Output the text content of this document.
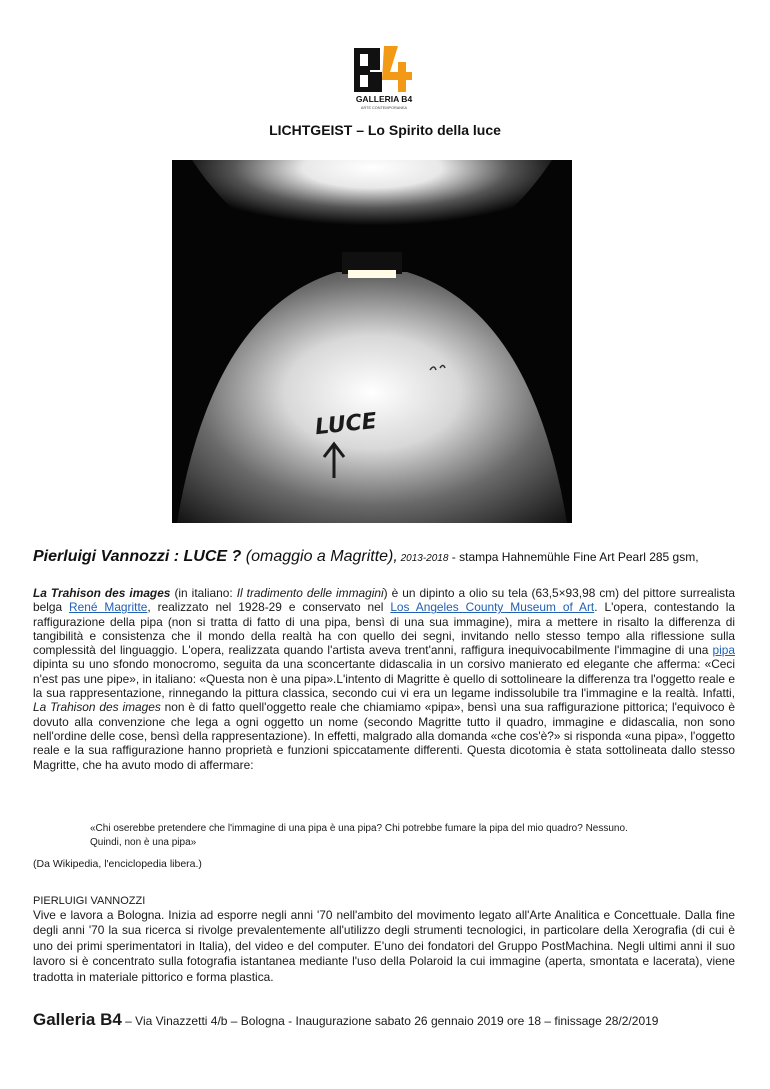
GALLERIA B4
ARTE CONTEMPORANEA
LICHTGEIST – Lo Spirito della luce
LUCE
Pierluigi Vannozzi : LUCE ? (omaggio a Magritte), 2013-2018 - stampa Hahnemühle Fine Art Pearl 285 gsm,
La Trahison des images (in italiano: Il tradimento delle immagini) è un dipinto a olio su tela (63,5×93,98 cm) del pittore surrealista belga René Magritte, realizzato nel 1928-29 e conservato nel Los Angeles County Museum of Art. L'opera, contestando la raffigurazione della pipa (non si tratta di fatto di una pipa, bensì di una sua immagine), mira a mettere in risalto la differenza di tangibilità e consistenza che il mondo della realtà ha con quello dei segni, invitando nello stesso tempo alla riflessione sulla complessità del linguaggio. L'opera, realizzata quando l'artista aveva trent'anni, raffigura inequivocabilmente l'immagine di una pipa dipinta su uno sfondo monocromo, seguita da una sconcertante didascalia in un corsivo manierato ed elegante che afferma: «Ceci n'est pas une pipe», in italiano: «Questa non è una pipa».L'intento di Magritte è quello di sottolineare la differenza tra l'oggetto reale e la sua rappresentazione, rinnegando la pittura classica, secondo cui vi era un legame indissolubile tra l'immagine e la realtà. Infatti, La Trahison des images non è di fatto quell'oggetto reale che chiamiamo «pipa», bensì una sua raffigurazione pittorica; l'equivoco è dovuto alla convenzione che lega a ogni oggetto un nome (secondo Magritte tutto il quadro, immagine e didascalia, non sono nell'ordine delle cose, bensì della rappresentazione). In effetti, malgrado alla domanda «che cos'è?» si risponda «una pipa», l'oggetto reale e la sua raffigurazione hanno proprietà e funzioni spiccatamente differenti. Questa dicotomia è stata sottolineata dallo stesso Magritte, che ha avuto modo di affermare:
«Chi oserebbe pretendere che l'immagine di una pipa è una pipa? Chi potrebbe fumare la pipa del mio quadro? Nessuno.
Quindi, non è una pipa»
(Da Wikipedia, l'enciclopedia libera.)
PIERLUIGI VANNOZZI
Vive e lavora a Bologna. Inizia ad esporre negli anni '70 nell'ambito del movimento legato all'Arte Analitica e Concettuale. Dalla fine degli anni '70 la sua ricerca si rivolge prevalentemente all'utilizzo degli strumenti tecnologici, in particolare della Xerografia (di cui è uno dei primi sperimentatori in Italia), del video e del computer. E'uno dei fondatori del Gruppo PostMachina. Negli ultimi anni il suo lavoro si è concentrato sulla fotografia istantanea mediante l'uso della Polaroid la cui immagine (aperta, smontata e lacerata), viene tradotta in materiale pittorico e forma plastica.
Galleria B4 – Via Vinazzetti 4/b – Bologna - Inaugurazione sabato 26 gennaio 2019 ore 18 – finissage 28/2/2019
